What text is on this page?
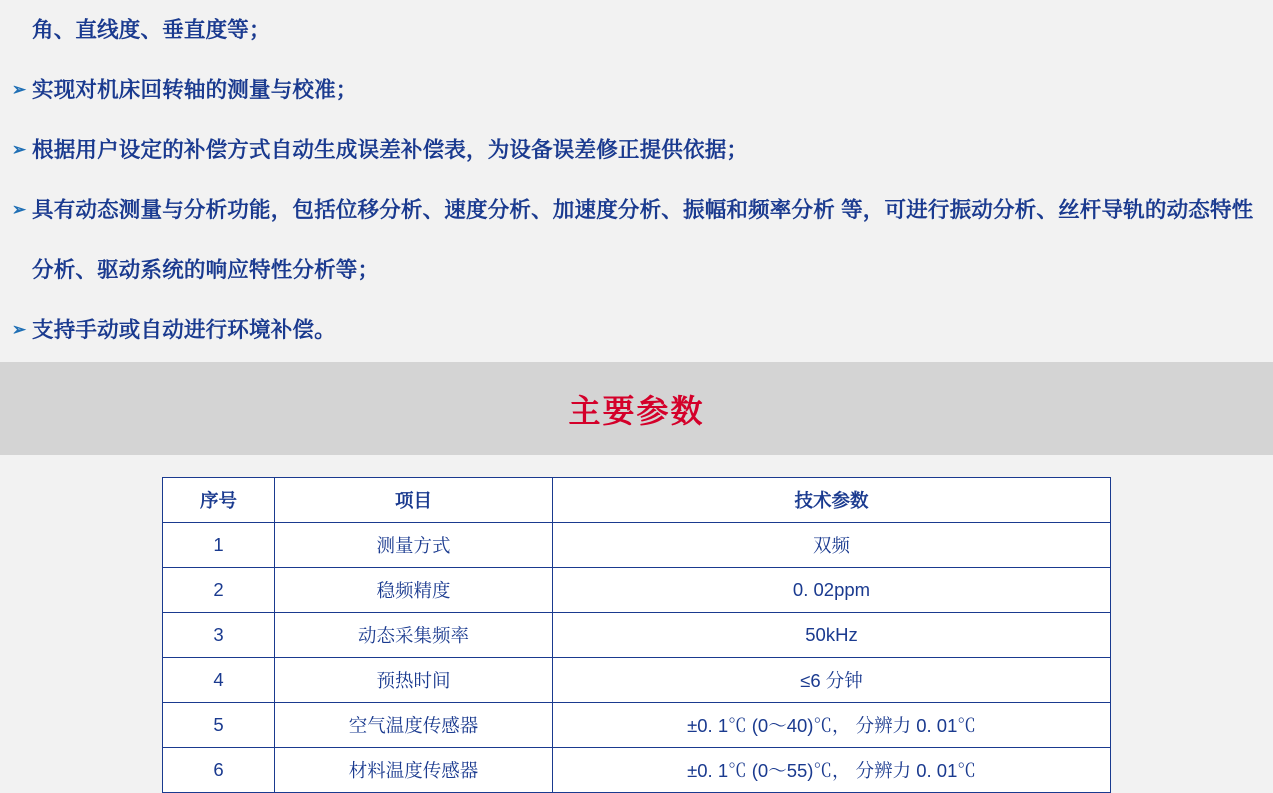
角、直线度、垂直度等；
➢ 实现对机床回转轴的测量与校准；
➢ 根据用户设定的补偿方式自动生成误差补偿表，为设备误差修正提供依据；
➢ 具有动态测量与分析功能，包括位移分析、速度分析、加速度分析、振幅和频率分析 等，可进行振动分析、丝杆导轨的动态特性分析、驱动系统的响应特性分析等；
➢ 支持手动或自动进行环境补偿。
主要参数
序号	项目	技术参数
1	测量方式	双频
2	稳频精度	0. 02ppm
3	动态采集频率	50kHz
4	预热时间	≤6 分钟
5	空气温度传感器	±0. 1℃ (0～40)℃， 分辨力 0. 01℃
6	材料温度传感器	±0. 1℃ (0～55)℃， 分辨力 0. 01℃
